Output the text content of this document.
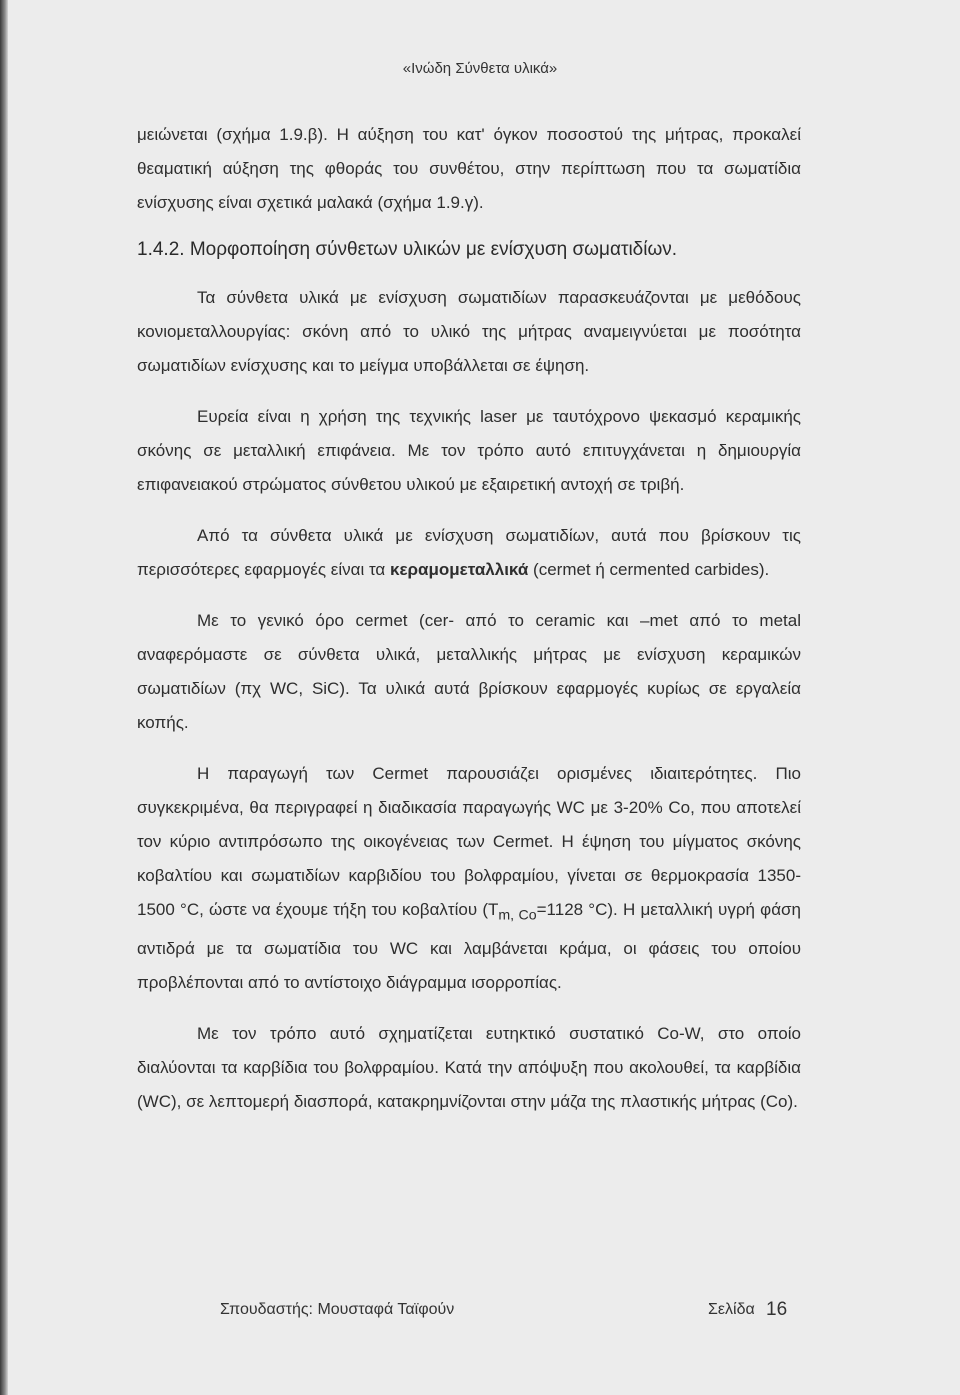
«Ινώδη Σύνθετα υλικά»

μειώνεται (σχήμα 1.9.β). Η αύξηση του κατ' όγκον ποσοστού της μήτρας, προκαλεί θεαματική αύξηση της φθοράς του συνθέτου, στην περίπτωση που τα σωματίδια ενίσχυσης είναι σχετικά μαλακά (σχήμα 1.9.γ).

1.4.2. Μορφοποίηση σύνθετων υλικών με ενίσχυση σωματιδίων.

Τα σύνθετα υλικά με ενίσχυση σωματιδίων παρασκευάζονται με μεθόδους κονιομεταλλουργίας: σκόνη από το υλικό της μήτρας αναμειγνύεται με ποσότητα σωματιδίων ενίσχυσης και το μείγμα υποβάλλεται σε έψηση.

Ευρεία είναι η χρήση της τεχνικής laser με ταυτόχρονο ψεκασμό κεραμικής σκόνης σε μεταλλική επιφάνεια. Με τον τρόπο αυτό επιτυγχάνεται η δημιουργία επιφανειακού στρώματος σύνθετου υλικού με εξαιρετική αντοχή σε τριβή.

Από τα σύνθετα υλικά με ενίσχυση σωματιδίων, αυτά που βρίσκουν τις περισσότερες εφαρμογές είναι τα κεραμομεταλλικά (cermet ή cermented carbides).

Με το γενικό όρο cermet (cer- από το ceramic και –met από το metal αναφερόμαστε σε σύνθετα υλικά, μεταλλικής μήτρας με ενίσχυση κεραμικών σωματιδίων (πχ WC, SiC). Τα υλικά αυτά βρίσκουν εφαρμογές κυρίως σε εργαλεία κοπής.

Η παραγωγή των Cermet παρουσιάζει ορισμένες ιδιαιτερότητες. Πιο συγκεκριμένα, θα περιγραφεί η διαδικασία παραγωγής WC με 3-20% Co, που αποτελεί τον κύριο αντιπρόσωπο της οικογένειας των Cermet. Η έψηση του μίγματος σκόνης κοβαλτίου και σωματιδίων καρβιδίου του βολφραμίου, γίνεται σε θερμοκρασία 1350-1500 °C, ώστε να έχουμε τήξη του κοβαλτίου ($T_{m, Co}=1128$ °C). Η μεταλλική υγρή φάση αντιδρά με τα σωματίδια του WC και λαμβάνεται κράμα, οι φάσεις του οποίου προβλέπονται από το αντίστοιχο διάγραμμα ισορροπίας.

Με τον τρόπο αυτό σχηματίζεται ευτηκτικό συστατικό Co-W, στο οποίο διαλύονται τα καρβίδια του βολφραμίου. Κατά την απόψυξη που ακολουθεί, τα καρβίδια (WC), σε λεπτομερή διασπορά, κατακρημνίζονται στην μάζα της πλαστικής μήτρας (Co).

Σπουδαστής: Μουσταφά Ταϊφούν	Σελίδα 16
